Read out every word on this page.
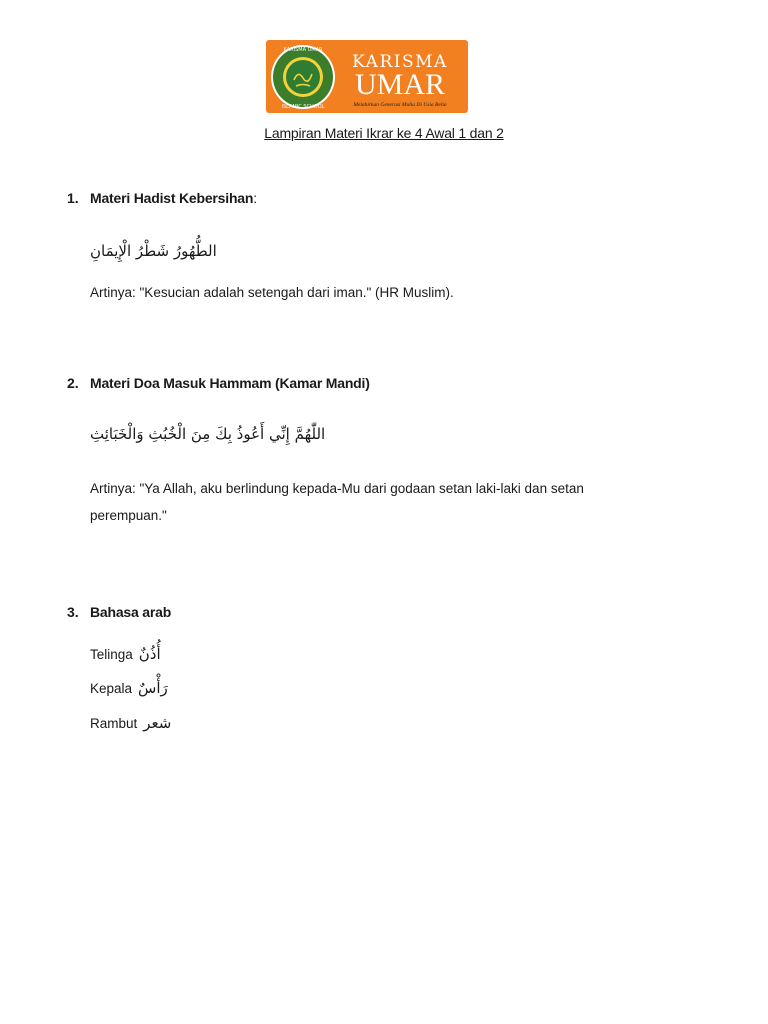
KARISMA UMAR
ISLAMIC SCHOOL
KARISMA
UMAR
Melahirkan Generasi Mulia Di Usia Belia
Lampiran Materi Ikrar ke 4 Awal 1 dan 2
1. Materi Hadist Kebersihan:
الطُّهُورُ شَطْرُ الْإِيمَانِ
Artinya: "Kesucian adalah setengah dari iman." (HR Muslim).
2. Materi Doa Masuk Hammam (Kamar Mandi)
اللّٰهُمَّ إِنِّي أَعُوذُ بِكَ مِنَ الْخُبُثِ وَالْخَبَائِثِ
Artinya: "Ya Allah, aku berlindung kepada-Mu dari godaan setan laki-laki dan setan perempuan."
3. Bahasa arab
Telinga أُذُنٌ
Kepala رَأْسٌ
Rambut شعر
